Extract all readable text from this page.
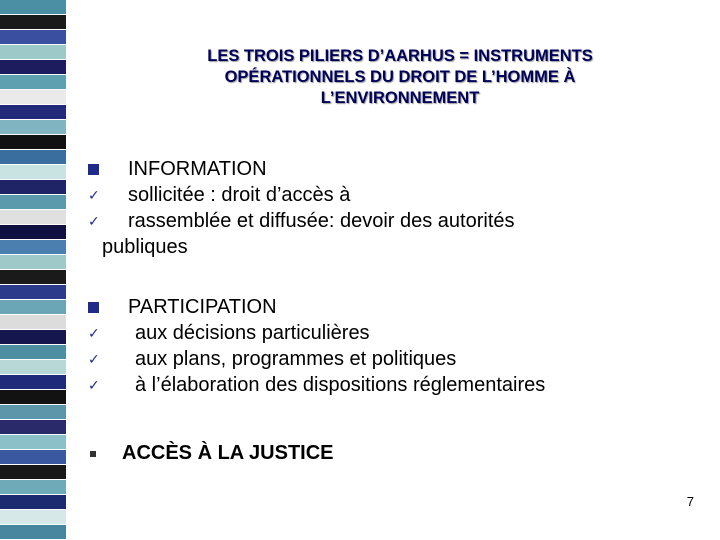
LES TROIS PILIERS D’AARHUS = INSTRUMENTS
OPÉRATIONNELS DU DROIT DE L’HOMME À
L’ENVIRONNEMENT
INFORMATION
✓ sollicitée : droit d’accès à
✓ rassemblée et diffusée: devoir des autorités
publiques
PARTICIPATION
✓ aux décisions particulières
✓ aux plans, programmes et politiques
✓ à l’élaboration des dispositions réglementaires
ACCÈS À LA JUSTICE
7
